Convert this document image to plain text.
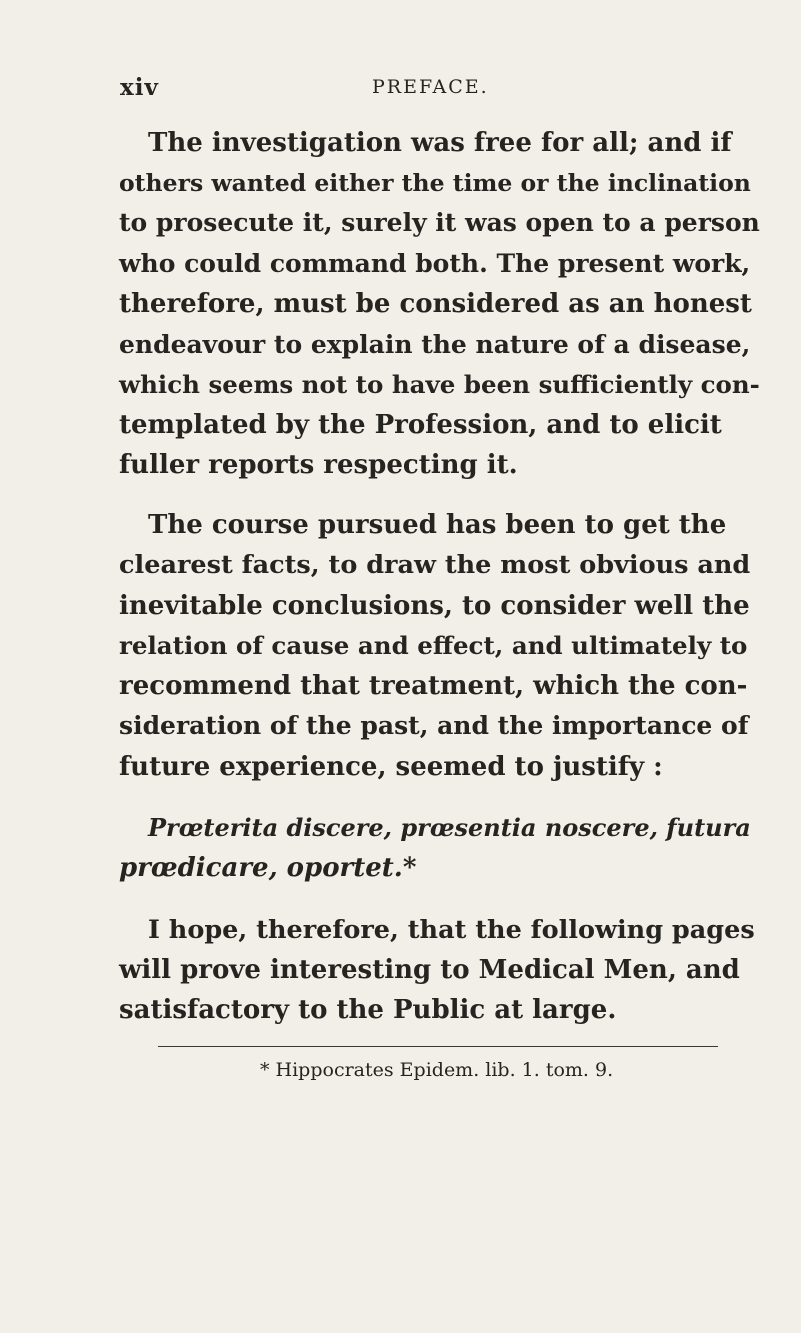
xiv	PREFACE.
The investigation was free for all; and if
others wanted either the time or the inclination
to prosecute it, surely it was open to a person
who could command both. The present work,
therefore, must be considered as an honest
endeavour to explain the nature of a disease,
which seems not to have been sufficiently con-
templated by the Profession, and to elicit
fuller reports respecting it.
The course pursued has been to get the
clearest facts, to draw the most obvious and
inevitable conclusions, to consider well the
relation of cause and effect, and ultimately to
recommend that treatment, which the con-
sideration of the past, and the importance of
future experience, seemed to justify :
Prœterita discere, prœsentia noscere, futura
prœdicare, oportet.*
I hope, therefore, that the following pages
will prove interesting to Medical Men, and
satisfactory to the Public at large.
* Hippocrates Epidem. lib. 1. tom. 9.
